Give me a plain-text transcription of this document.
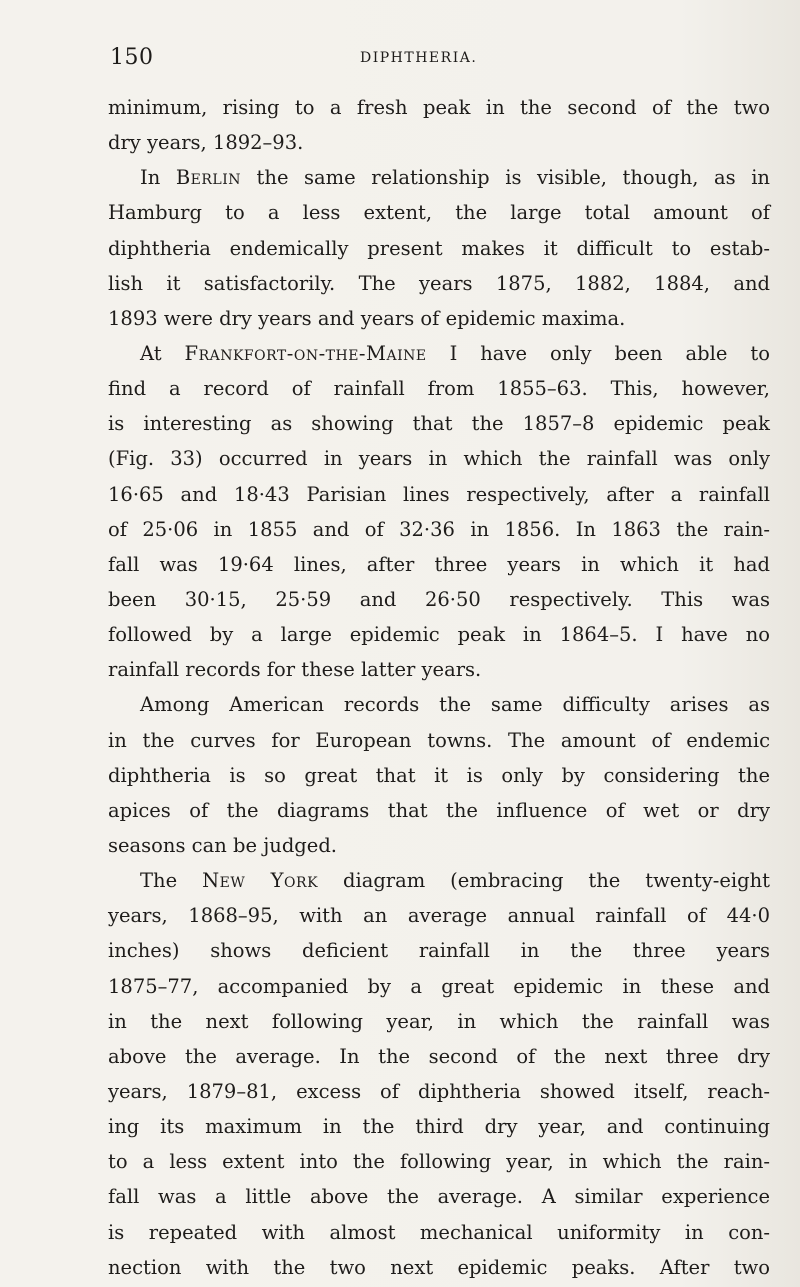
150	DIPHTHERIA.
minimum, rising to a fresh peak in the second of the two
dry years, 1892–93.
In Berlin the same relationship is visible, though, as in
Hamburg to a less extent, the large total amount of
diphtheria endemically present makes it difficult to estab-
lish it satisfactorily. The years 1875, 1882, 1884, and
1893 were dry years and years of epidemic maxima.
At Frankfort-on-the-Maine I have only been able to
find a record of rainfall from 1855–63. This, however,
is interesting as showing that the 1857–8 epidemic peak
(Fig. 33) occurred in years in which the rainfall was only
16·65 and 18·43 Parisian lines respectively, after a rainfall
of 25·06 in 1855 and of 32·36 in 1856. In 1863 the rain-
fall was 19·64 lines, after three years in which it had
been 30·15, 25·59 and 26·50 respectively. This was
followed by a large epidemic peak in 1864–5. I have no
rainfall records for these latter years.
Among American records the same difficulty arises as
in the curves for European towns. The amount of endemic
diphtheria is so great that it is only by considering the
apices of the diagrams that the influence of wet or dry
seasons can be judged.
The New York diagram (embracing the twenty-eight
years, 1868–95, with an average annual rainfall of 44·0
inches) shows deficient rainfall in the three years
1875–77, accompanied by a great epidemic in these and
in the next following year, in which the rainfall was
above the average. In the second of the next three dry
years, 1879–81, excess of diphtheria showed itself, reach-
ing its maximum in the third dry year, and continuing
to a less extent into the following year, in which the rain-
fall was a little above the average. A similar experience
is repeated with almost mechanical uniformity in con-
nection with the two next epidemic peaks. After two
